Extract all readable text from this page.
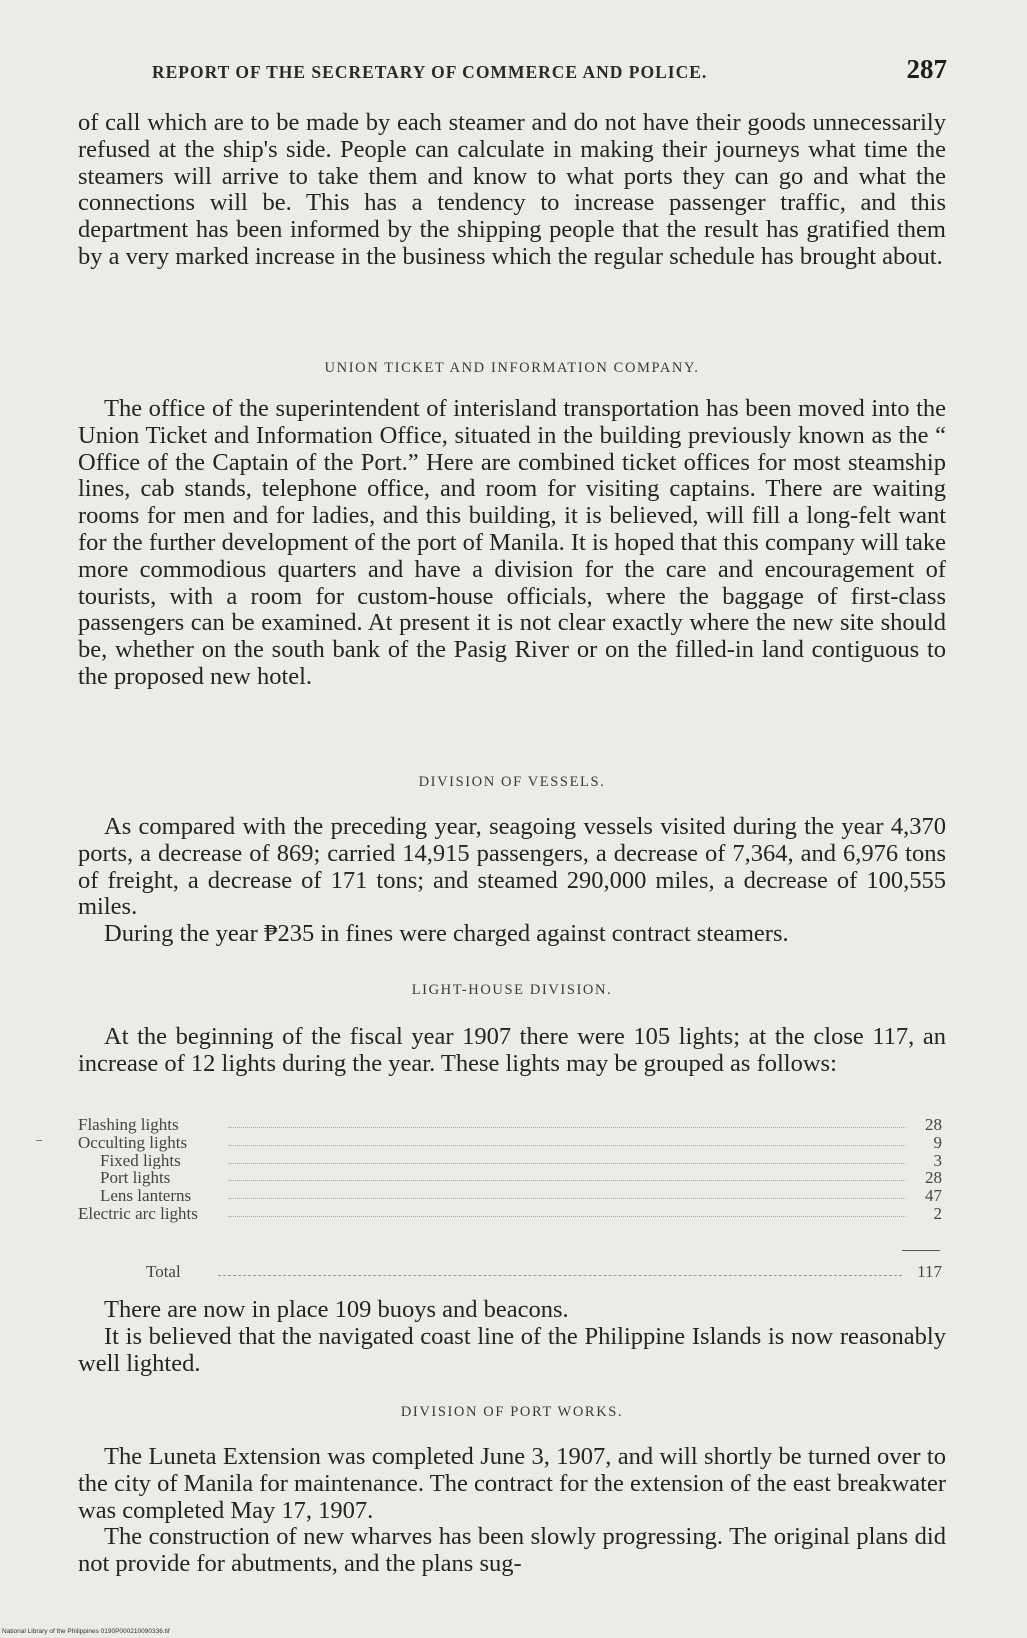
REPORT OF THE SECRETARY OF COMMERCE AND POLICE.	287

of call which are to be made by each steamer and do not have their goods unnecessarily refused at the ship's side. People can calculate in making their journeys what time the steamers will arrive to take them and know to what ports they can go and what the connections will be. This has a tendency to increase passenger traffic, and this department has been informed by the shipping people that the result has gratified them by a very marked increase in the business which the regular schedule has brought about.

UNION TICKET AND INFORMATION COMPANY.

The office of the superintendent of interisland transportation has been moved into the Union Ticket and Information Office, situated in the building previously known as the “ Office of the Captain of the Port.” Here are combined ticket offices for most steamship lines, cab stands, telephone office, and room for visiting captains. There are waiting rooms for men and for ladies, and this building, it is believed, will fill a long-felt want for the further development of the port of Manila. It is hoped that this company will take more commodious quarters and have a division for the care and encouragement of tourists, with a room for custom-house officials, where the baggage of first-class passengers can be examined. At present it is not clear exactly where the new site should be, whether on the south bank of the Pasig River or on the filled-in land contiguous to the proposed new hotel.

DIVISION OF VESSELS.

As compared with the preceding year, seagoing vessels visited during the year 4,370 ports, a decrease of 869; carried 14,915 passengers, a decrease of 7,364, and 6,976 tons of freight, a decrease of 171 tons; and steamed 290,000 miles, a decrease of 100,555 miles.

During the year ₱235 in fines were charged against contract steamers.

LIGHT-HOUSE DIVISION.

At the beginning of the fiscal year 1907 there were 105 lights; at the close 117, an increase of 12 lights during the year. These lights may be grouped as follows:

Flashing lights	28
Occulting lights	9
Fixed lights	3
Port lights	28
Lens lanterns	47
Electric arc lights	2
Total	117

There are now in place 109 buoys and beacons.

It is believed that the navigated coast line of the Philippine Islands is now reasonably well lighted.

DIVISION OF PORT WORKS.

The Luneta Extension was completed June 3, 1907, and will shortly be turned over to the city of Manila for maintenance. The contract for the extension of the east breakwater was completed May 17, 1907.

The construction of new wharves has been slowly progressing. The original plans did not provide for abutments, and the plans sug-

National Library of the Philippines 0190P000210090336.tif
